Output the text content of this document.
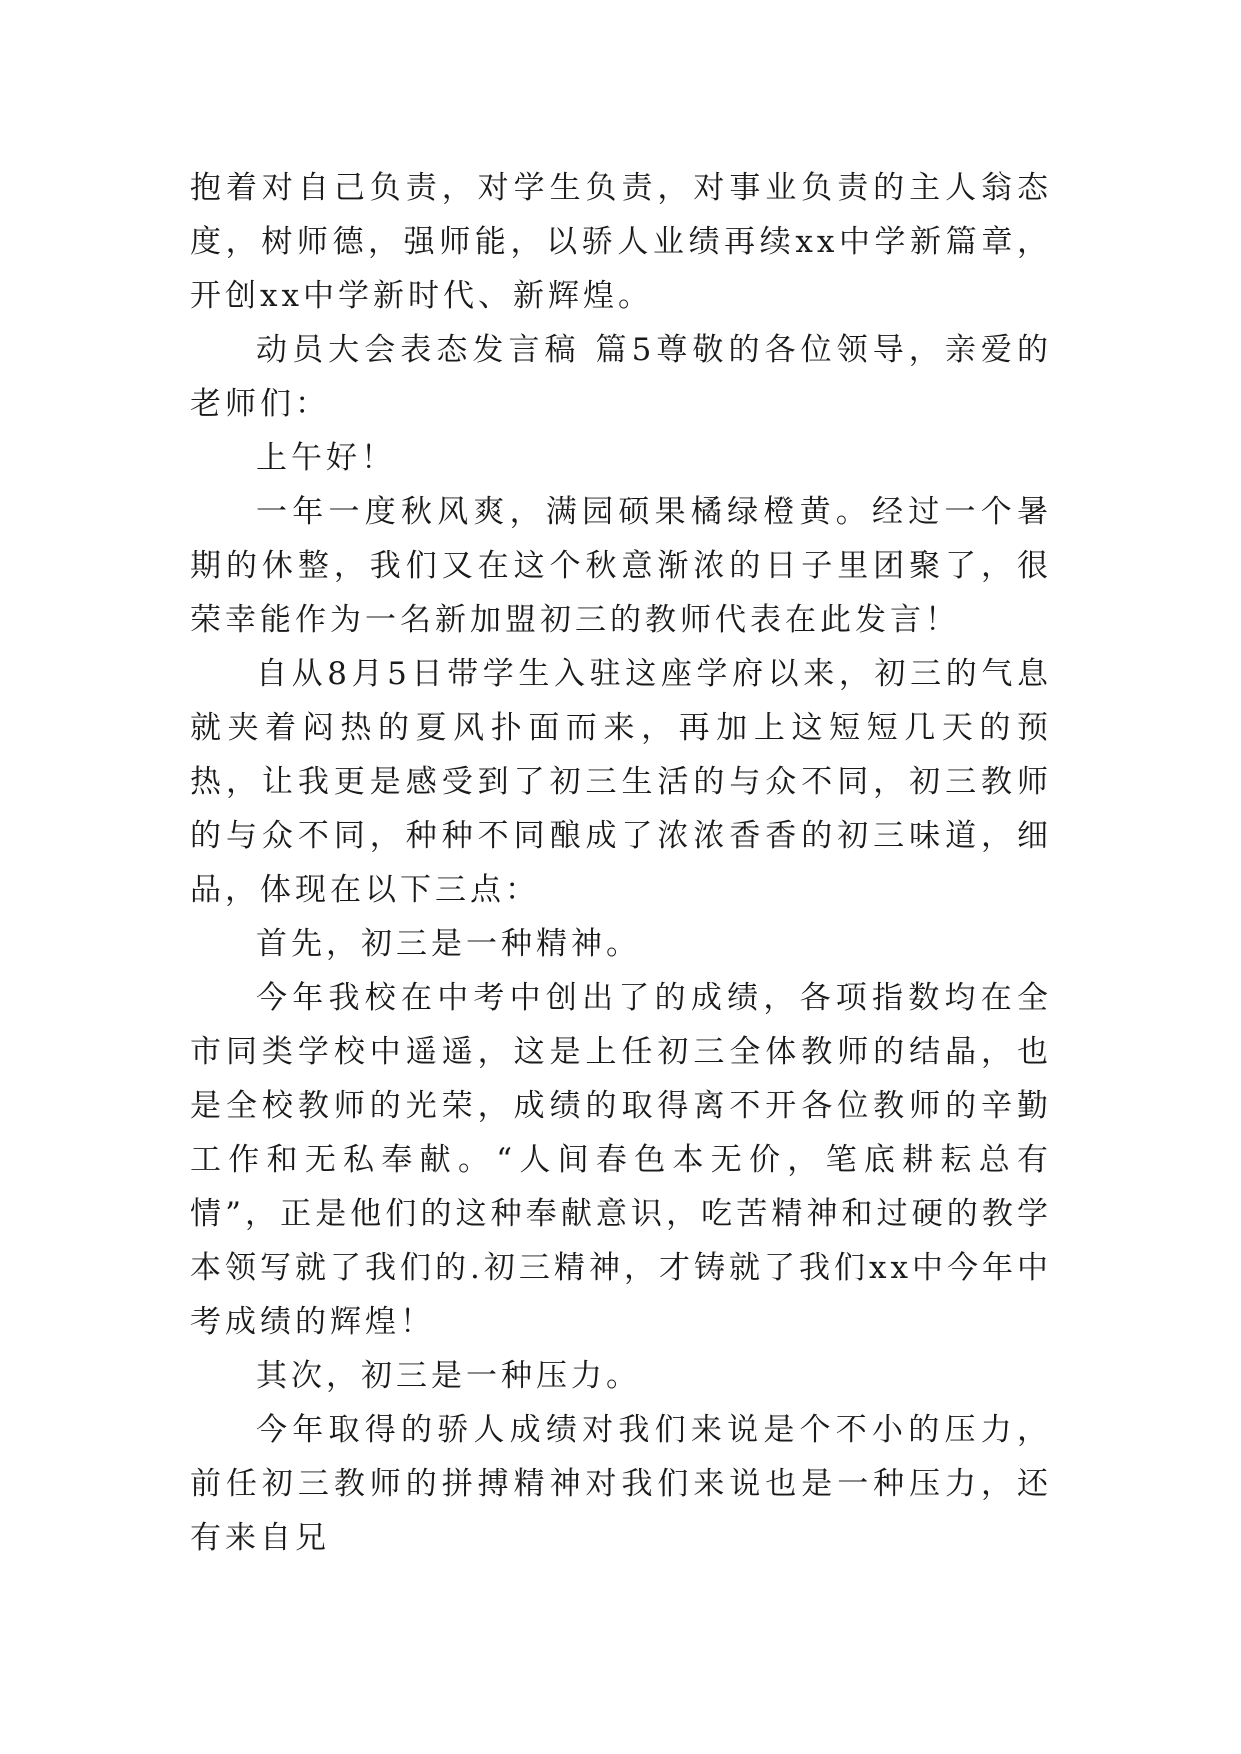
抱着对自己负责，对学生负责，对事业负责的主人翁态度，树师德，强师能，以骄人业绩再续xx中学新篇章，开创xx中学新时代、新辉煌。

动员大会表态发言稿 篇5尊敬的各位领导，亲爱的老师们：

上午好！

一年一度秋风爽，满园硕果橘绿橙黄。经过一个暑期的休整，我们又在这个秋意渐浓的日子里团聚了，很荣幸能作为一名新加盟初三的教师代表在此发言！

自从8月5日带学生入驻这座学府以来，初三的气息就夹着闷热的夏风扑面而来，再加上这短短几天的预热，让我更是感受到了初三生活的与众不同，初三教师的与众不同，种种不同酿成了浓浓香香的初三味道，细品，体现在以下三点：

首先，初三是一种精神。

今年我校在中考中创出了的成绩，各项指数均在全市同类学校中遥遥，这是上任初三全体教师的结晶，也是全校教师的光荣，成绩的取得离不开各位教师的辛勤工作和无私奉献。“人间春色本无价，笔底耕耘总有情”，正是他们的这种奉献意识，吃苦精神和过硬的教学本领写就了我们的.初三精神，才铸就了我们xx中今年中考成绩的辉煌！

其次，初三是一种压力。

今年取得的骄人成绩对我们来说是个不小的压力，前任初三教师的拼搏精神对我们来说也是一种压力，还有来自兄
